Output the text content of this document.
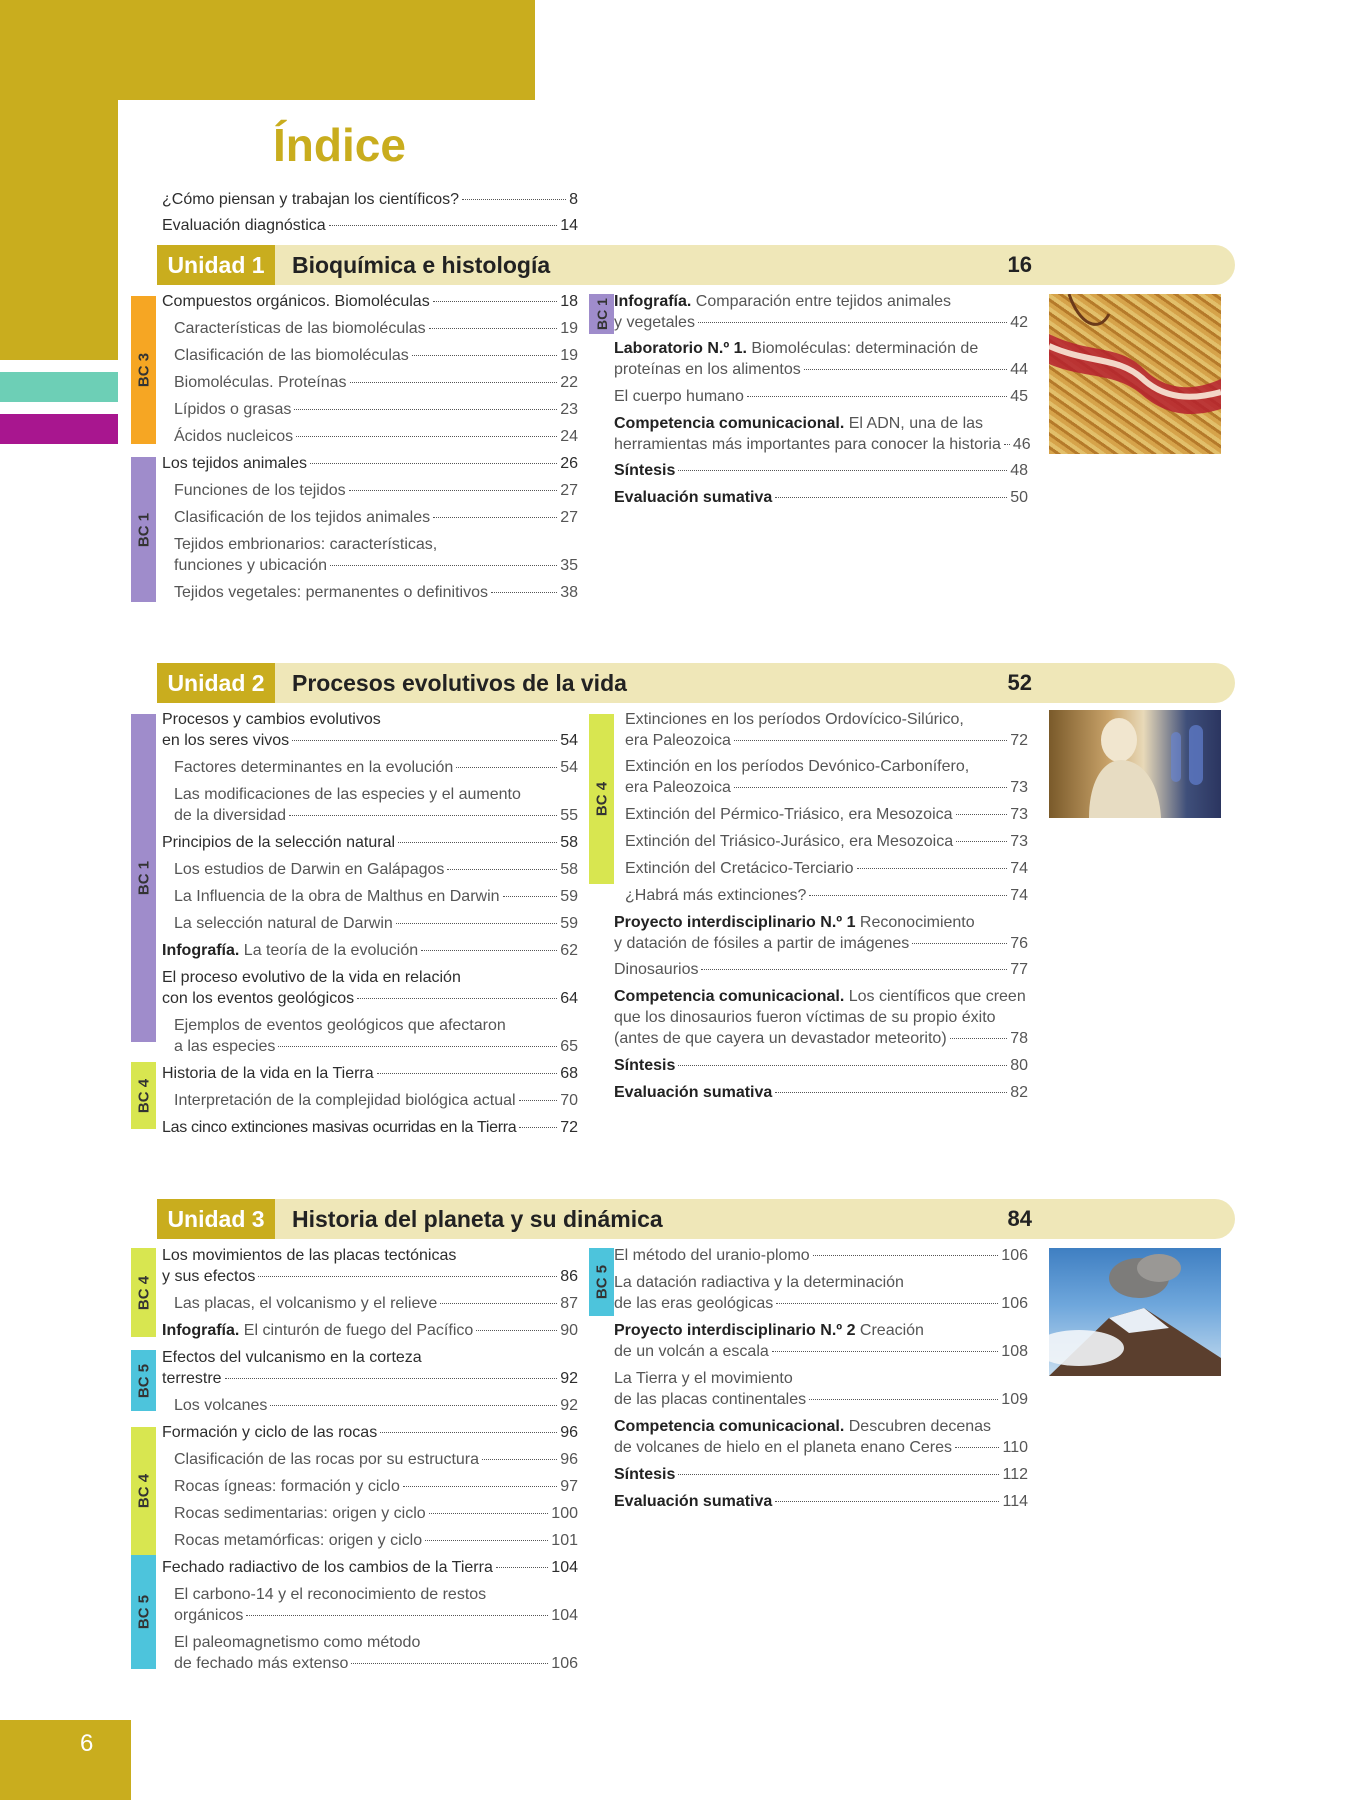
6
Índice
¿Cómo piensan y trabajan los científicos?	8
Evaluación diagnóstica	14
Unidad 1	Bioquímica e histología	16
BC 3
BC 1
BC 1
Compuestos orgánicos. Biomoléculas	18
Características de las biomoléculas	19
Clasificación de las biomoléculas	19
Biomoléculas. Proteínas	22
Lípidos o grasas	23
Ácidos nucleicos	24
Los tejidos animales	26
Funciones de los tejidos	27
Clasificación de los tejidos animales	27
Tejidos embrionarios: características,
funciones y ubicación	35
Tejidos vegetales: permanentes o definitivos	38
Infografía. Comparación entre tejidos animales
y vegetales	42
Laboratorio N.º 1. Biomoléculas: determinación de
proteínas en los alimentos	44
El cuerpo humano	45
Competencia comunicacional. El ADN, una de las
herramientas más importantes para conocer la historia 46
Síntesis	48
Evaluación sumativa	50
Unidad 2	Procesos evolutivos de la vida	52
BC 1
BC 4
BC 4
Procesos y cambios evolutivos
en los seres vivos	54
Factores determinantes en la evolución	54
Las modificaciones de las especies y el aumento
de la diversidad	55
Principios de la selección natural	58
Los estudios de Darwin en Galápagos	58
La Influencia de la obra de Malthus en Darwin	59
La selección natural de Darwin	59
Infografía. La teoría de la evolución	62
El proceso evolutivo de la vida en relación
con los eventos geológicos	64
Ejemplos de eventos geológicos que afectaron
a las especies	65
Historia de la vida en la Tierra	68
Interpretación de la complejidad biológica actual	70
Las cinco extinciones masivas ocurridas en la Tierra	72
Extinciones en los períodos Ordovícico-Silúrico,
era Paleozoica	72
Extinción en los períodos Devónico-Carbonífero,
era Paleozoica	73
Extinción del Pérmico-Triásico, era Mesozoica	73
Extinción del Triásico-Jurásico, era Mesozoica	73
Extinción del Cretácico-Terciario	74
¿Habrá más extinciones?	74
Proyecto interdisciplinario N.º 1 Reconocimiento
y datación de fósiles a partir de imágenes	76
Dinosaurios	77
Competencia comunicacional. Los científicos que creen
que los dinosaurios fueron víctimas de su propio éxito
(antes de que cayera un devastador meteorito)	78
Síntesis	80
Evaluación sumativa	82
Unidad 3	Historia del planeta y su dinámica	84
BC 4
BC 5
BC 4
BC 5
BC 5
Los movimientos de las placas tectónicas
y sus efectos	86
Las placas, el volcanismo y el relieve	87
Infografía. El cinturón de fuego del Pacífico	90
Efectos del vulcanismo en la corteza
terrestre	92
Los volcanes	92
Formación y ciclo de las rocas	96
Clasificación de las rocas por su estructura	96
Rocas ígneas: formación y ciclo	97
Rocas sedimentarias: origen y ciclo	100
Rocas metamórficas: origen y ciclo	101
Fechado radiactivo de los cambios de la Tierra	104
El carbono-14 y el reconocimiento de restos
orgánicos	104
El paleomagnetismo como método
de fechado más extenso	106
El método del uranio-plomo	106
La datación radiactiva y la determinación
de las eras geológicas	106
Proyecto interdisciplinario N.º 2 Creación
de un volcán a escala	108
La Tierra y el movimiento
de las placas continentales	109
Competencia comunicacional. Descubren decenas
de volcanes de hielo en el planeta enano Ceres	110
Síntesis	112
Evaluación sumativa	114
